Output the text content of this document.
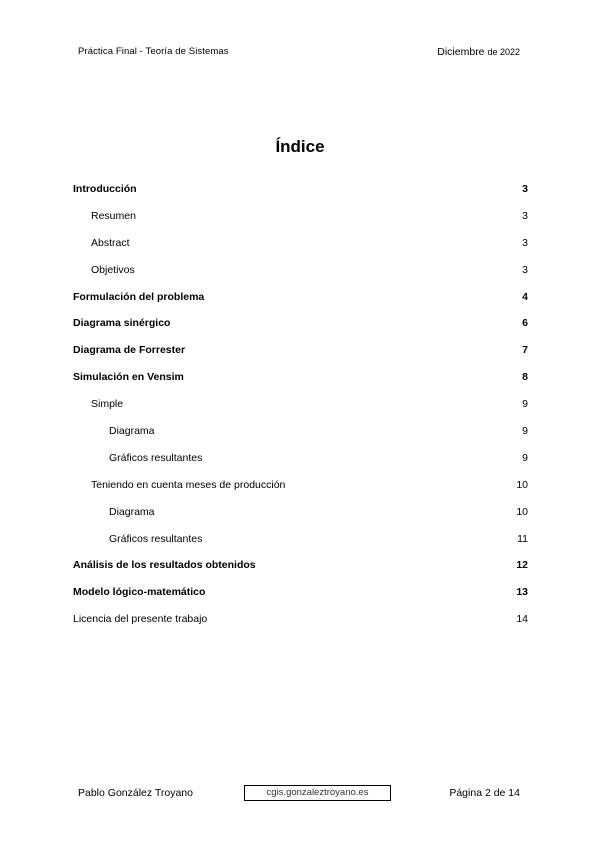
Práctica Final - Teoría de Sistemas	Diciembre de 2022
Índice
Introducción	3
Resumen	3
Abstract	3
Objetivos	3
Formulación del problema	4
Diagrama sinérgico	6
Diagrama de Forrester	7
Simulación en Vensim	8
Simple	9
Diagrama	9
Gráficos resultantes	9
Teniendo en cuenta meses de producción	10
Diagrama	10
Gráficos resultantes	11
Análisis de los resultados obtenidos	12
Modelo lógico-matemático	13
Licencia del presente trabajo	14
Pablo González Troyano	cgis.gonzaleztroyano.es	Página 2 de 14
